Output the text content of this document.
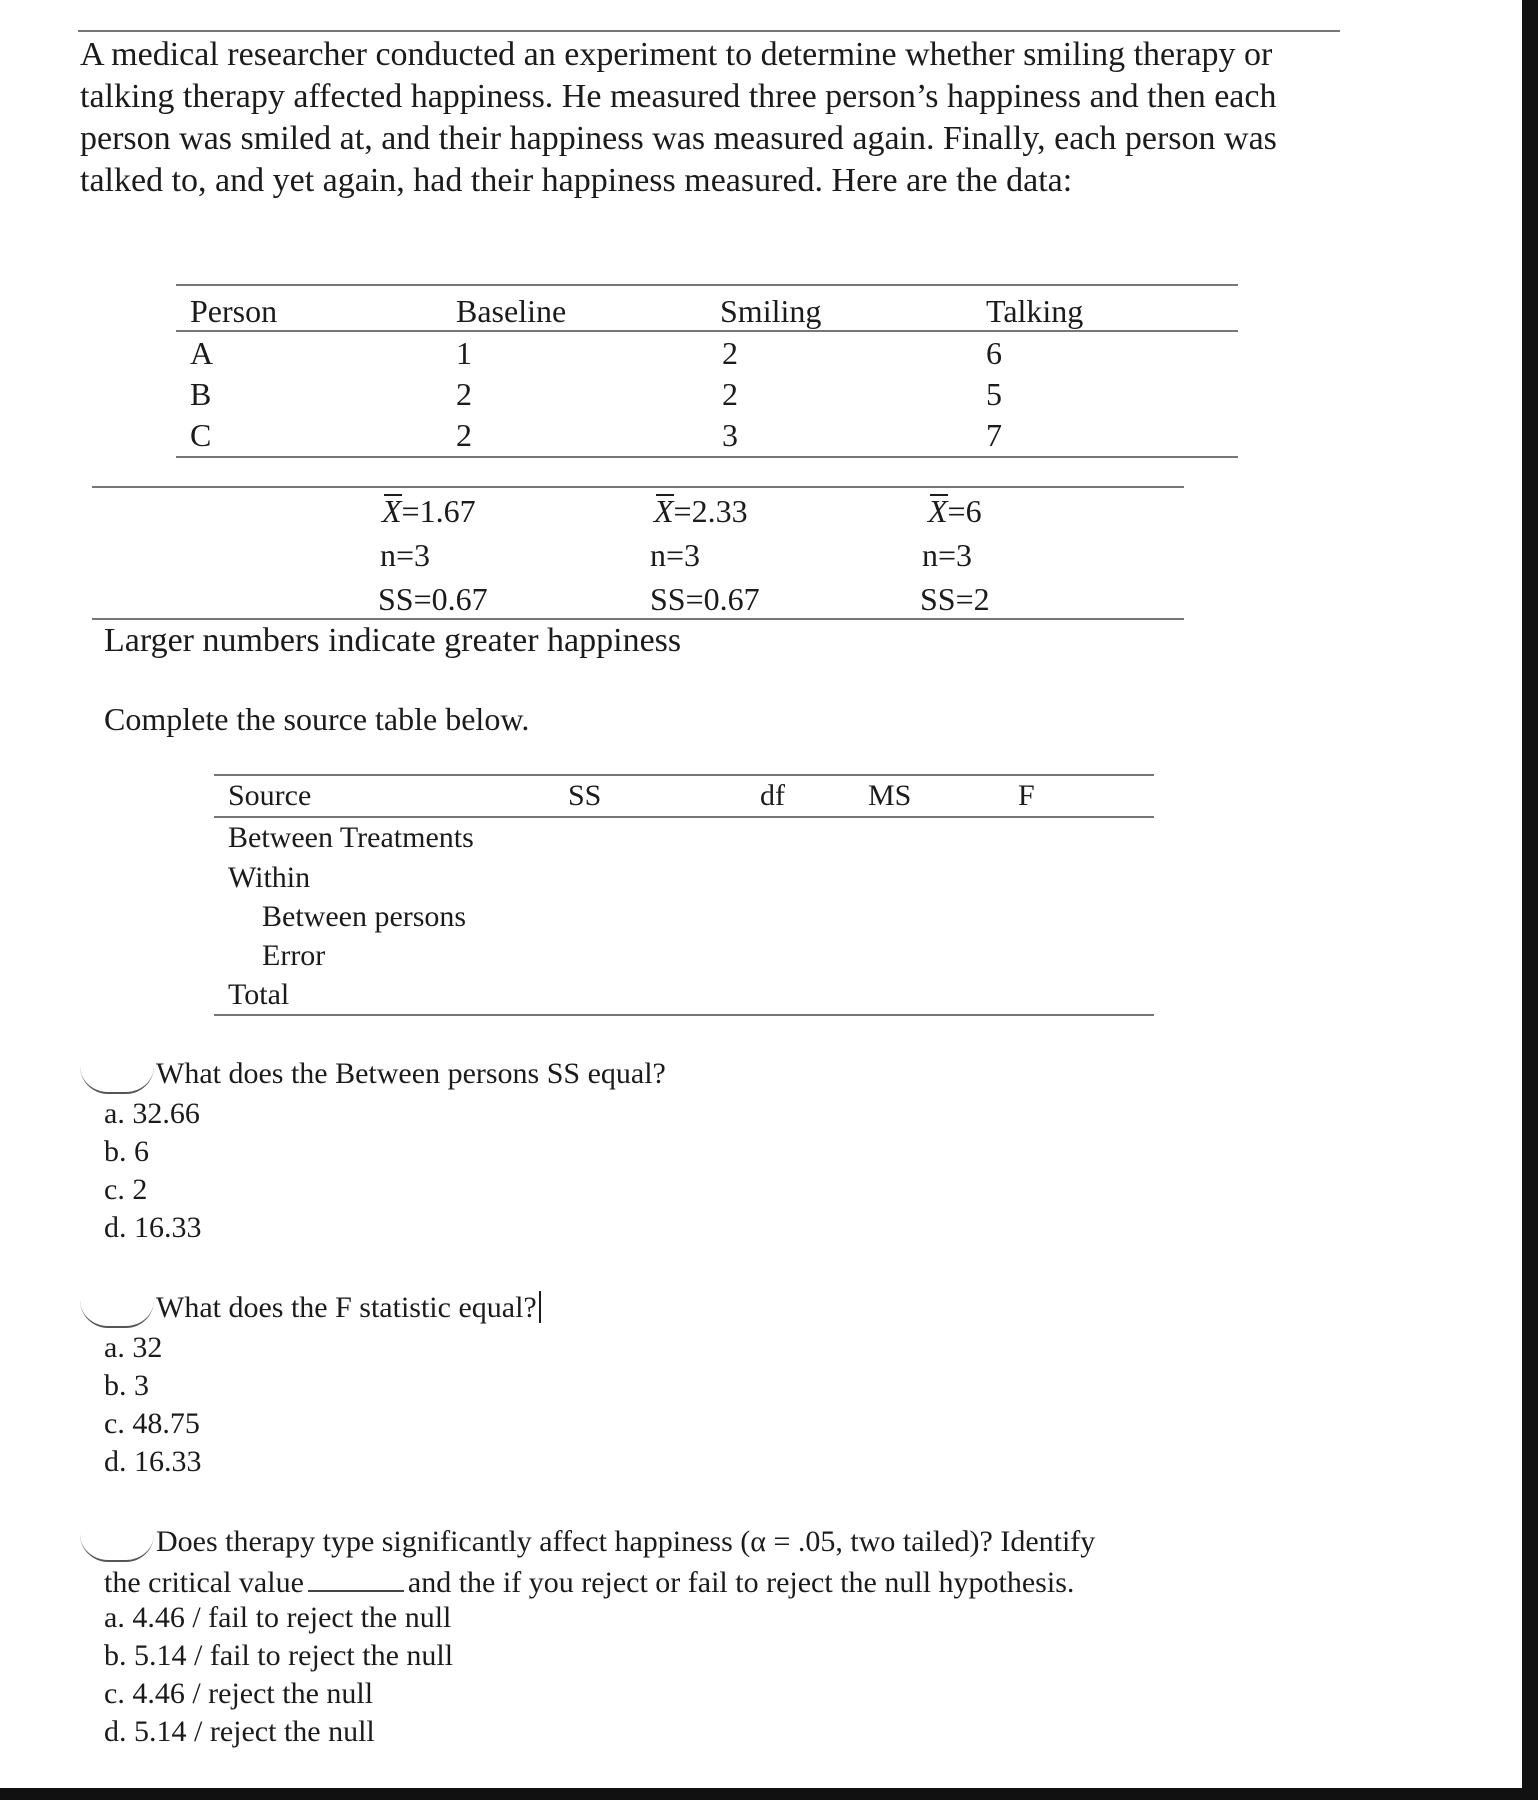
A medical researcher conducted an experiment to determine whether smiling therapy or talking therapy affected happiness. He measured three person’s happiness and then each person was smiled at, and their happiness was measured again. Finally, each person was talked to, and yet again, had their happiness measured. Here are the data:
Person	Baseline	Smiling	Talking
A	1	2	6
B	2	2	5
C	2	3	7
X=1.67	X=2.33	X=6
n=3	n=3	n=3
SS=0.67	SS=0.67	SS=2
Larger numbers indicate greater happiness
Complete the source table below.
Source	SS	df	MS	F
Between Treatments
Within
Between persons
Error
Total
What does the Between persons SS equal?
a. 32.66
b. 6
c. 2
d. 16.33
What does the F statistic equal?
a. 32
b. 3
c. 48.75
d. 16.33
Does therapy type significantly affect happiness (α = .05, two tailed)? Identify
the critical value	and the if you reject or fail to reject the null hypothesis.
a. 4.46 / fail to reject the null
b. 5.14 / fail to reject the null
c. 4.46 / reject the null
d. 5.14 / reject the null
